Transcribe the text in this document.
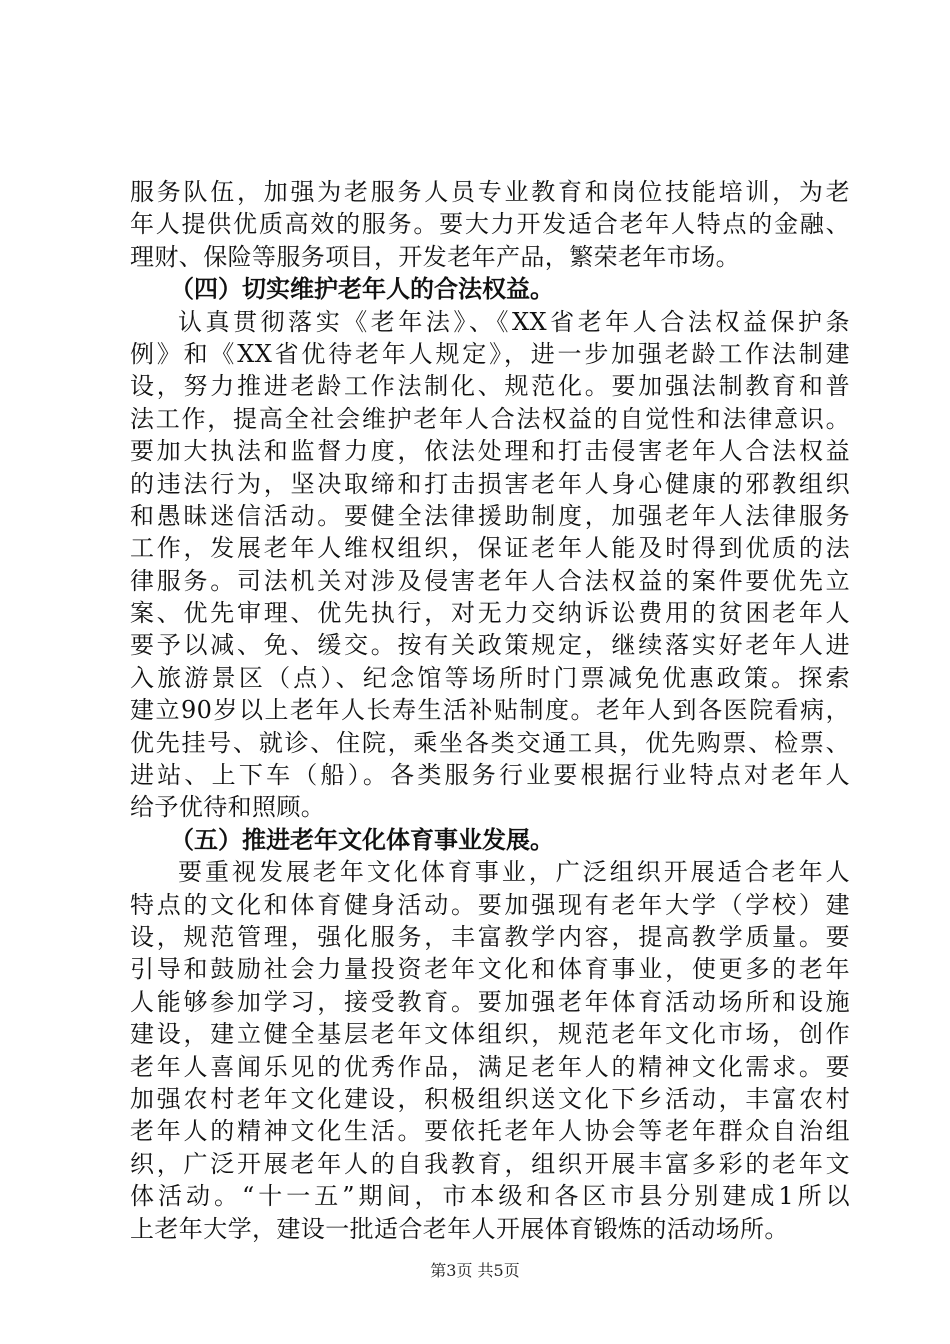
服务队伍，加强为老服务人员专业教育和岗位技能培训，为老
年人提供优质高效的服务。要大力开发适合老年人特点的金融、
理财、保险等服务项目，开发老年产品，繁荣老年市场。
（四）切实维护老年人的合法权益。
认真贯彻落实《老年法》、《XX省老年人合法权益保护条
例》和《XX省优待老年人规定》，进一步加强老龄工作法制建
设，努力推进老龄工作法制化、规范化。要加强法制教育和普
法工作，提高全社会维护老年人合法权益的自觉性和法律意识。
要加大执法和监督力度，依法处理和打击侵害老年人合法权益
的违法行为，坚决取缔和打击损害老年人身心健康的邪教组织
和愚昧迷信活动。要健全法律援助制度，加强老年人法律服务
工作，发展老年人维权组织，保证老年人能及时得到优质的法
律服务。司法机关对涉及侵害老年人合法权益的案件要优先立
案、优先审理、优先执行，对无力交纳诉讼费用的贫困老年人
要予以减、免、缓交。按有关政策规定，继续落实好老年人进
入旅游景区（点）、纪念馆等场所时门票减免优惠政策。探索
建立90岁以上老年人长寿生活补贴制度。老年人到各医院看病，
优先挂号、就诊、住院，乘坐各类交通工具，优先购票、检票、
进站、上下车（船）。各类服务行业要根据行业特点对老年人
给予优待和照顾。
（五）推进老年文化体育事业发展。
要重视发展老年文化体育事业，广泛组织开展适合老年人
特点的文化和体育健身活动。要加强现有老年大学（学校）建
设，规范管理，强化服务，丰富教学内容，提高教学质量。要
引导和鼓励社会力量投资老年文化和体育事业，使更多的老年
人能够参加学习，接受教育。要加强老年体育活动场所和设施
建设，建立健全基层老年文体组织，规范老年文化市场，创作
老年人喜闻乐见的优秀作品，满足老年人的精神文化需求。要
加强农村老年文化建设，积极组织送文化下乡活动，丰富农村
老年人的精神文化生活。要依托老年人协会等老年群众自治组
织，广泛开展老年人的自我教育，组织开展丰富多彩的老年文
体活动。“十一五”期间，市本级和各区市县分别建成1所以
上老年大学，建设一批适合老年人开展体育锻炼的活动场所。
第3页 共5页
